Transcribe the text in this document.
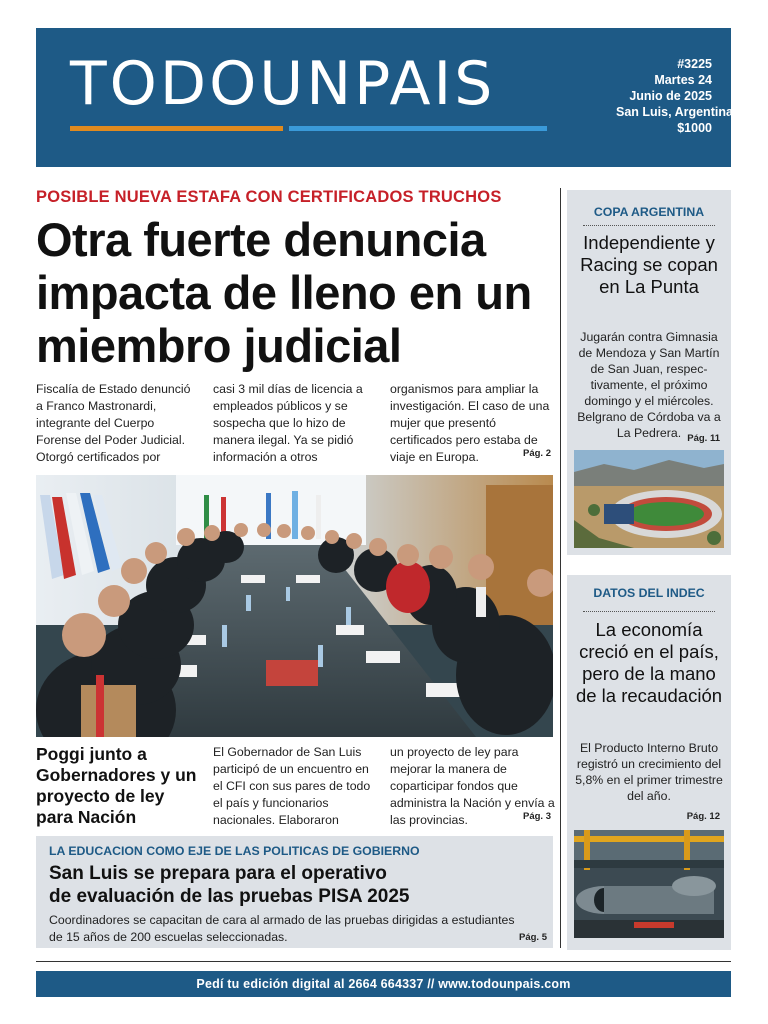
TODOUNPAIS	#3225
Martes 24
Junio de 2025
San Luis, Argentina.
$1000
POSIBLE NUEVA ESTAFA CON CERTIFICADOS TRUCHOS
Otra fuerte denuncia impacta de lleno en un miembro judicial
Fiscalía de Estado denunció a Franco Mastronardi, integrante del Cuerpo Forense del Poder Judicial. Otorgó certificados por
casi 3 mil días de licencia a empleados públicos y se sospecha que lo hizo de manera ilegal. Ya se pidió información a otros
organismos para ampliar la investigación. El caso de una mujer que presentó certificados pero estaba de viaje en Europa.	Pág. 2
Poggi junto a Gobernadores y un proyecto de ley para Nación
El Gobernador de San Luis participó de un encuentro en el CFI con sus pares de todo el país y funcionarios nacionales. Elaboraron
un proyecto de ley para mejorar la manera de coparticipar fondos que administra la Nación y envía a las provincias.	Pág. 3
LA EDUCACION COMO EJE DE LAS POLITICAS DE GOBIERNO
San Luis se prepara para el operativo
de evaluación de las pruebas PISA 2025
Coordinadores se capacitan de cara al armado de las pruebas dirigidas a estudiantes de 15 años de 200 escuelas seleccionadas.	Pág. 5
COPA ARGENTINA
Independiente y Racing se copan en La Punta
Jugarán contra Gimnasia de Mendoza y San Martín de San Juan, respec-tivamente, el próximo domingo y el miércoles. Belgrano de Córdoba va a La Pedrera. Pág. 11
DATOS DEL INDEC
La economía creció en el país, pero de la mano de la recaudación
El Producto Interno Bruto registró un crecimiento del 5,8% en el primer trimestre del año.
Pág. 12
Pedí tu edición digital al 2664 664337 // www.todounpais.com
